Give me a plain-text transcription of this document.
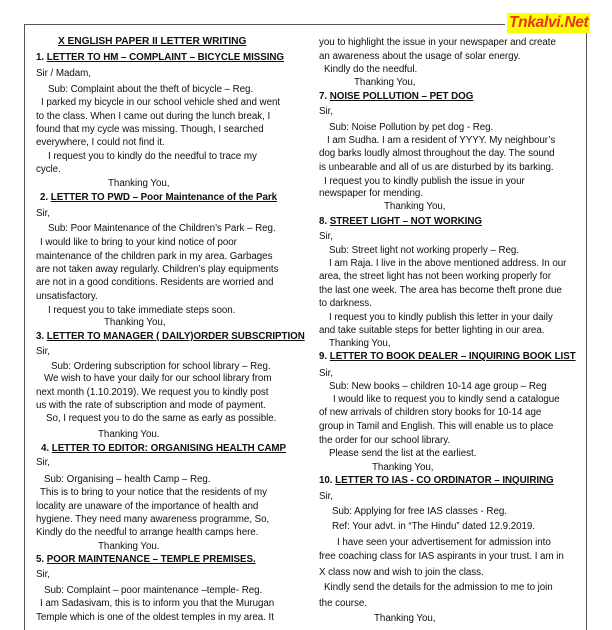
Tnkalvi.Net
X ENGLISH PAPER II LETTER WRITING
1. LETTER TO HM – COMPLAINT – BICYCLE MISSING
Sir / Madam,
Sub: Complaint about the theft of bicycle – Reg.
I parked my bicycle in our school vehicle shed and went
to the class. When I came out during the lunch break, I
found that my cycle was missing. Though, I searched
everywhere, I could not find it.
I request you to kindly do the needful to trace my
cycle.
Thanking You,
2. LETTER TO PWD – Poor Maintenance of the Park
Sir,
Sub: Poor Maintenance of the Children’s Park – Reg.
I would like to bring to your kind notice of poor
maintenance of the children park in my area. Garbages
are not taken away regularly. Children’s play equipments
are not in a good conditions. Residents are worried and
unsatisfactory.
I request you to take immediate steps soon.
Thanking You,
3. LETTER TO MANAGER ( DAILY)ORDER SUBSCRIPTION
Sir,
Sub: Ordering subscription for school library – Reg.
We wish to have your daily for our school library from
next month (1.10.2019). We request you to kindly post
us with the rate of subscription and mode of payment.
So, I request you to do the same as early as possible.
Thanking You.
4. LETTER TO EDITOR: ORGANISING HEALTH CAMP
Sir,
Sub: Organising – health Camp – Reg.
This is to bring to your notice that the residents of my
locality are unaware of the importance of health and
hygiene. They need many awareness programme, So,
Kindly do the needful to arrange health camps here.
Thanking You.
5. POOR MAINTENANCE – TEMPLE PREMISES.
Sir,
Sub: Complaint – poor maintenance –temple- Reg.
I am Sadasivam, this is to inform you that the Murugan
Temple which is one of the oldest temples in my area. It
you to highlight the issue in your newspaper and create
an awareness about the usage of solar energy.
Kindly do the needful.
Thanking You,
7. NOISE POLLUTION – PET DOG
Sir,
Sub: Noise Pollution by pet dog - Reg.
I am Sudha. I am a resident of YYYY. My neighbour’s
dog barks loudly almost throughout the day. The sound
is unbearable and all of us are disturbed by its barking.
I request you to kindly publish the issue in your
newspaper for mending.
Thanking You,
8. STREET LIGHT – NOT WORKING
Sir,
Sub: Street light not working properly – Reg.
I am Raja. I live in the above mentioned address. In our
area, the street light has not been working properly for
the last one week. The area has become theft prone due
to darkness.
I request you to kindly publish this letter in your daily
and take suitable steps for better lighting in our area.
Thanking You,
9. LETTER TO BOOK DEALER – INQUIRING BOOK LIST
Sir,
Sub: New books – children 10-14 age group – Reg
I would like to request you to kindly send a catalogue
of new arrivals of children story books for 10-14 age
group in Tamil and English. This will enable us to place
the order for our school library.
Please send the list at the earliest.
Thanking You,
10. LETTER TO IAS - CO ORDINATOR – INQUIRING
Sir,
Sub: Applying for free IAS classes - Reg.
Ref: Your advt. in “The Hindu” dated 12.9.2019.
I have seen your advertisement for admission into
free coaching class for IAS aspirants in your trust. I am in
X class now and wish to join the class.
Kindly send the details for the admission to me to join
the course.
Thanking You,
